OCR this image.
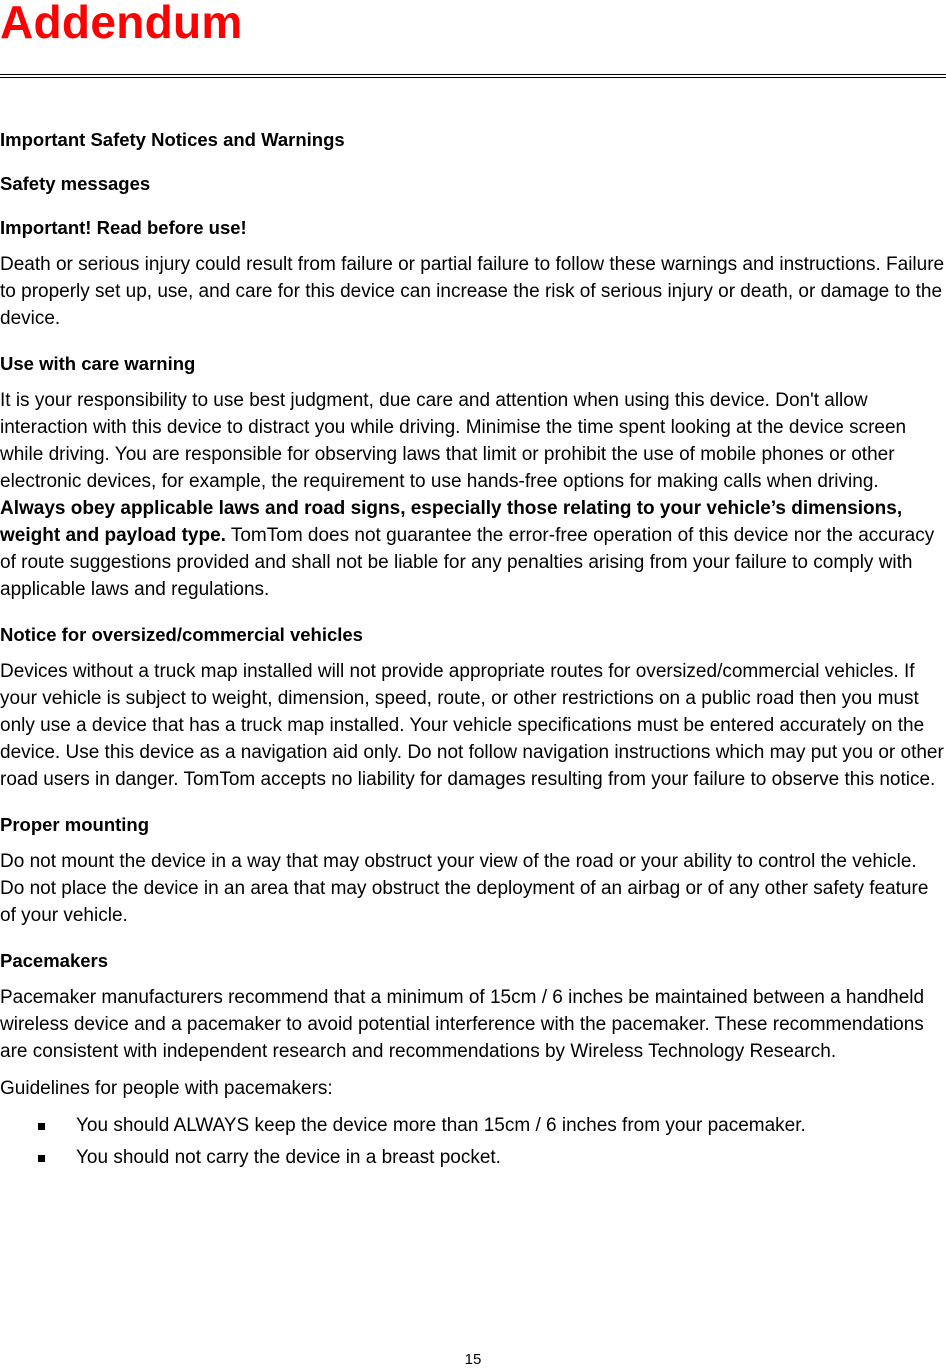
Addendum
Important Safety Notices and Warnings
Safety messages
Important! Read before use!
Death or serious injury could result from failure or partial failure to follow these warnings and instructions. Failure to properly set up, use, and care for this device can increase the risk of serious injury or death, or damage to the device.
Use with care warning
It is your responsibility to use best judgment, due care and attention when using this device. Don't allow interaction with this device to distract you while driving. Minimise the time spent looking at the device screen while driving. You are responsible for observing laws that limit or prohibit the use of mobile phones or other electronic devices, for example, the requirement to use hands-free options for making calls when driving. Always obey applicable laws and road signs, especially those relating to your vehicle’s dimensions, weight and payload type. TomTom does not guarantee the error-free operation of this device nor the accuracy of route suggestions provided and shall not be liable for any penalties arising from your failure to comply with applicable laws and regulations.
Notice for oversized/commercial vehicles
Devices without a truck map installed will not provide appropriate routes for oversized/commercial vehicles. If your vehicle is subject to weight, dimension, speed, route, or other restrictions on a public road then you must only use a device that has a truck map installed. Your vehicle specifications must be entered accurately on the device. Use this device as a navigation aid only. Do not follow navigation instructions which may put you or other road users in danger. TomTom accepts no liability for damages resulting from your failure to observe this notice.
Proper mounting
Do not mount the device in a way that may obstruct your view of the road or your ability to control the vehicle. Do not place the device in an area that may obstruct the deployment of an airbag or of any other safety feature of your vehicle.
Pacemakers
Pacemaker manufacturers recommend that a minimum of 15cm / 6 inches be maintained between a handheld wireless device and a pacemaker to avoid potential interference with the pacemaker. These recommendations are consistent with independent research and recommendations by Wireless Technology Research.
Guidelines for people with pacemakers:
You should ALWAYS keep the device more than 15cm / 6 inches from your pacemaker.
You should not carry the device in a breast pocket.
15
